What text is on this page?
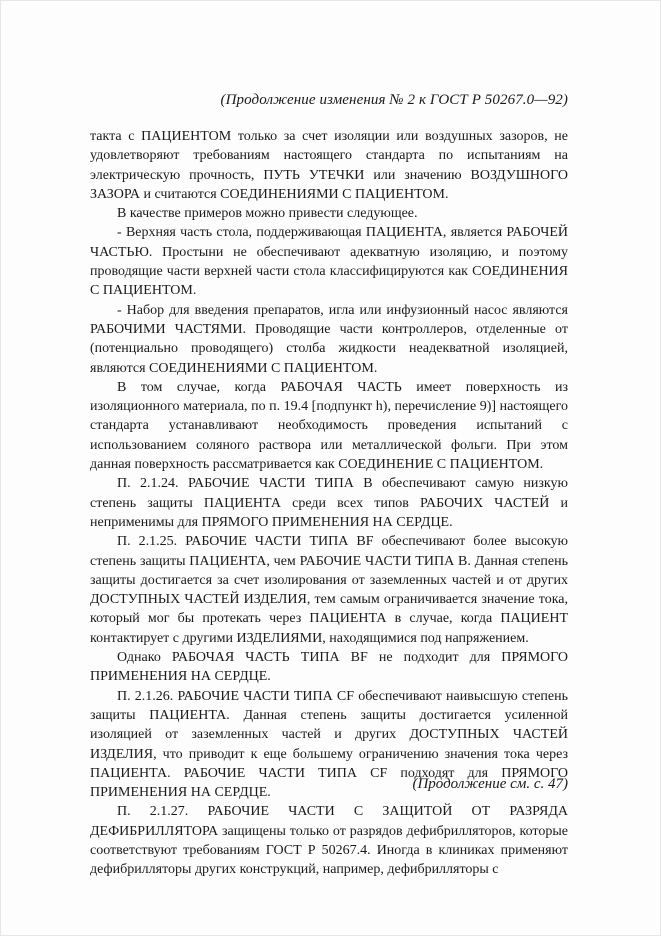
(Продолжение изменения № 2 к ГОСТ Р 50267.0—92)

такта с ПАЦИЕНТОМ только за счет изоляции или воздушных зазоров, не удовлетворяют требованиям настоящего стандарта по испытаниям на электрическую прочность, ПУТЬ УТЕЧКИ или значению ВОЗДУШНОГО ЗАЗОРА и считаются СОЕДИНЕНИЯМИ С ПАЦИЕНТОМ.

В качестве примеров можно привести следующее.

- Верхняя часть стола, поддерживающая ПАЦИЕНТА, является РАБОЧЕЙ ЧАСТЬЮ. Простыни не обеспечивают адекватную изоляцию, и поэтому проводящие части верхней части стола классифицируются как СОЕДИНЕНИЯ С ПАЦИЕНТОМ.

- Набор для введения препаратов, игла или инфузионный насос являются РАБОЧИМИ ЧАСТЯМИ. Проводящие части контроллеров, отделенные от (потенциально проводящего) столба жидкости неадекватной изоляцией, являются СОЕДИНЕНИЯМИ С ПАЦИЕНТОМ.

В том случае, когда РАБОЧАЯ ЧАСТЬ имеет поверхность из изоляционного материала, по п. 19.4 [подпункт h), перечисление 9)] настоящего стандарта устанавливают необходимость проведения испытаний с использованием соляного раствора или металлической фольги. При этом данная поверхность рассматривается как СОЕДИНЕНИЕ С ПАЦИЕНТОМ.

П. 2.1.24. РАБОЧИЕ ЧАСТИ ТИПА В обеспечивают самую низкую степень защиты ПАЦИЕНТА среди всех типов РАБОЧИХ ЧАСТЕЙ и неприменимы для ПРЯМОГО ПРИМЕНЕНИЯ НА СЕРДЦЕ.

П. 2.1.25. РАБОЧИЕ ЧАСТИ ТИПА BF обеспечивают более высокую степень защиты ПАЦИЕНТА, чем РАБОЧИЕ ЧАСТИ ТИПА В. Данная степень защиты достигается за счет изолирования от заземленных частей и от других ДОСТУПНЫХ ЧАСТЕЙ ИЗДЕЛИЯ, тем самым ограничивается значение тока, который мог бы протекать через ПАЦИЕНТА в случае, когда ПАЦИЕНТ контактирует с другими ИЗДЕЛИЯМИ, находящимися под напряжением.

Однако РАБОЧАЯ ЧАСТЬ ТИПА BF не подходит для ПРЯМОГО ПРИМЕНЕНИЯ НА СЕРДЦЕ.

П. 2.1.26. РАБОЧИЕ ЧАСТИ ТИПА CF обеспечивают наивысшую степень защиты ПАЦИЕНТА. Данная степень защиты достигается усиленной изоляцией от заземленных частей и других ДОСТУПНЫХ ЧАСТЕЙ ИЗДЕЛИЯ, что приводит к еще большему ограничению значения тока через ПАЦИЕНТА. РАБОЧИЕ ЧАСТИ ТИПА CF подходят для ПРЯМОГО ПРИМЕНЕНИЯ НА СЕРДЦЕ.

П. 2.1.27. РАБОЧИЕ ЧАСТИ С ЗАЩИТОЙ ОТ РАЗРЯДА ДЕФИБРИЛЛЯТОРА защищены только от разрядов дефибрилляторов, которые соответствуют требованиям ГОСТ Р 50267.4. Иногда в клиниках применяют дефибрилляторы других конструкций, например, дефибрилляторы с

(Продолжение см. с. 47)
